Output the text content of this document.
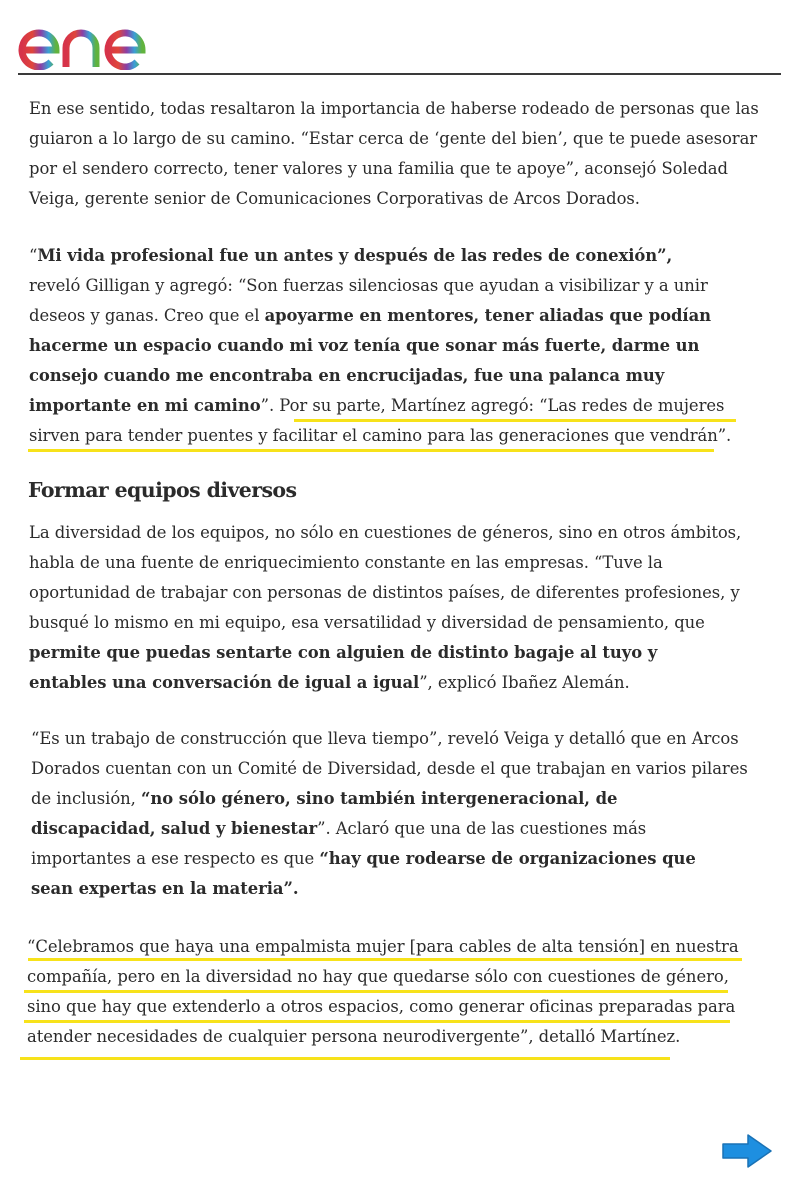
En ese sentido, todas resaltaron la importancia de haberse rodeado de personas que las
guiaron a lo largo de su camino. “Estar cerca de ‘gente del bien’, que te puede asesorar
por el sendero correcto, tener valores y una familia que te apoye”, aconsejó Soledad
Veiga, gerente senior de Comunicaciones Corporativas de Arcos Dorados.

“Mi vida profesional fue un antes y después de las redes de conexión”,
reveló Gilligan y agregó: “Son fuerzas silenciosas que ayudan a visibilizar y a unir
deseos y ganas. Creo que el apoyarme en mentores, tener aliadas que podían
hacerme un espacio cuando mi voz tenía que sonar más fuerte, darme un
consejo cuando me encontraba en encrucijadas, fue una palanca muy
importante en mi camino”. Por su parte, Martínez agregó: “Las redes de mujeres
sirven para tender puentes y facilitar el camino para las generaciones que vendrán”.

Formar equipos diversos

La diversidad de los equipos, no sólo en cuestiones de géneros, sino en otros ámbitos,
habla de una fuente de enriquecimiento constante en las empresas. “Tuve la
oportunidad de trabajar con personas de distintos países, de diferentes profesiones, y
busqué lo mismo en mi equipo, esa versatilidad y diversidad de pensamiento, que
permite que puedas sentarte con alguien de distinto bagaje al tuyo y
entables una conversación de igual a igual”, explicó Ibañez Alemán.

“Es un trabajo de construcción que lleva tiempo”, reveló Veiga y detalló que en Arcos
Dorados cuentan con un Comité de Diversidad, desde el que trabajan en varios pilares
de inclusión, “no sólo género, sino también intergeneracional, de
discapacidad, salud y bienestar”. Aclaró que una de las cuestiones más
importantes a ese respecto es que “hay que rodearse de organizaciones que
sean expertas en la materia”.

“Celebramos que haya una empalmista mujer [para cables de alta tensión] en nuestra
compañía, pero en la diversidad no hay que quedarse sólo con cuestiones de género,
sino que hay que extenderlo a otros espacios, como generar oficinas preparadas para
atender necesidades de cualquier persona neurodivergente”, detalló Martínez.
